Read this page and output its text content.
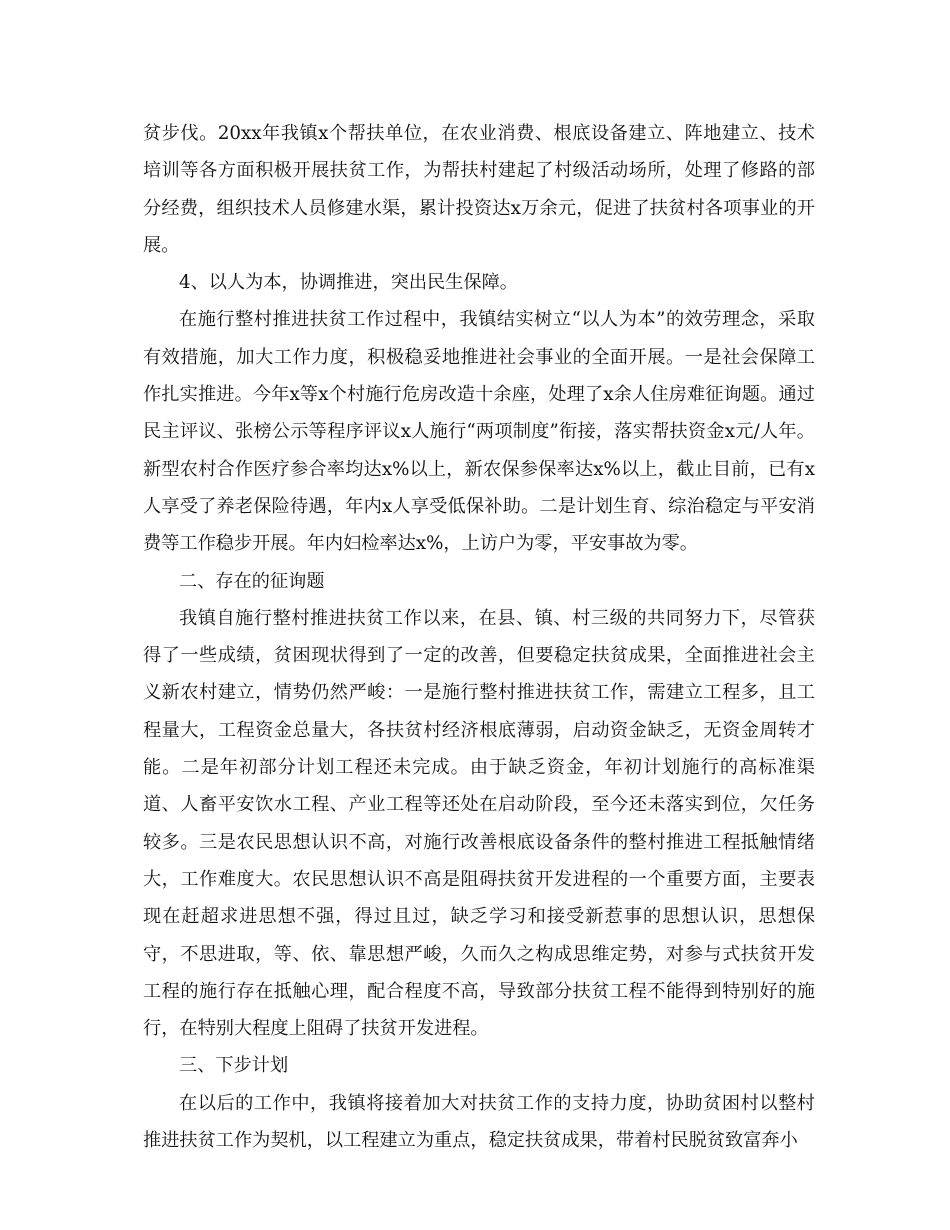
贫步伐。20xx年我镇x个帮扶单位，在农业消费、根底设备建立、阵地建立、技术培训等各方面积极开展扶贫工作，为帮扶村建起了村级活动场所，处理了修路的部分经费，组织技术人员修建水渠，累计投资达x万余元，促进了扶贫村各项事业的开展。

4、以人为本，协调推进，突出民生保障。

在施行整村推进扶贫工作过程中，我镇结实树立“以人为本”的效劳理念，采取有效措施，加大工作力度，积极稳妥地推进社会事业的全面开展。一是社会保障工作扎实推进。今年x等x个村施行危房改造十余座，处理了x余人住房难征询题。通过民主评议、张榜公示等程序评议x人施行“两项制度”衔接，落实帮扶资金x元/人年。新型农村合作医疗参合率均达x%以上，新农保参保率达x%以上，截止目前，已有x人享受了养老保险待遇，年内x人享受低保补助。二是计划生育、综治稳定与平安消费等工作稳步开展。年内妇检率达x%，上访户为零，平安事故为零。

二、存在的征询题

我镇自施行整村推进扶贫工作以来，在县、镇、村三级的共同努力下，尽管获得了一些成绩，贫困现状得到了一定的改善，但要稳定扶贫成果，全面推进社会主义新农村建立，情势仍然严峻：一是施行整村推进扶贫工作，需建立工程多，且工程量大，工程资金总量大，各扶贫村经济根底薄弱，启动资金缺乏，无资金周转才能。二是年初部分计划工程还未完成。由于缺乏资金，年初计划施行的高标准渠道、人畜平安饮水工程、产业工程等还处在启动阶段，至今还未落实到位，欠任务较多。三是农民思想认识不高，对施行改善根底设备条件的整村推进工程抵触情绪大，工作难度大。农民思想认识不高是阻碍扶贫开发进程的一个重要方面，主要表现在赶超求进思想不强，得过且过，缺乏学习和接受新惹事的思想认识，思想保守，不思进取，等、依、靠思想严峻，久而久之构成思维定势，对参与式扶贫开发工程的施行存在抵触心理，配合程度不高，导致部分扶贫工程不能得到特别好的施行，在特别大程度上阻碍了扶贫开发进程。

三、下步计划

在以后的工作中，我镇将接着加大对扶贫工作的支持力度，协助贫困村以整村推进扶贫工作为契机，以工程建立为重点，稳定扶贫成果，带着村民脱贫致富奔小
